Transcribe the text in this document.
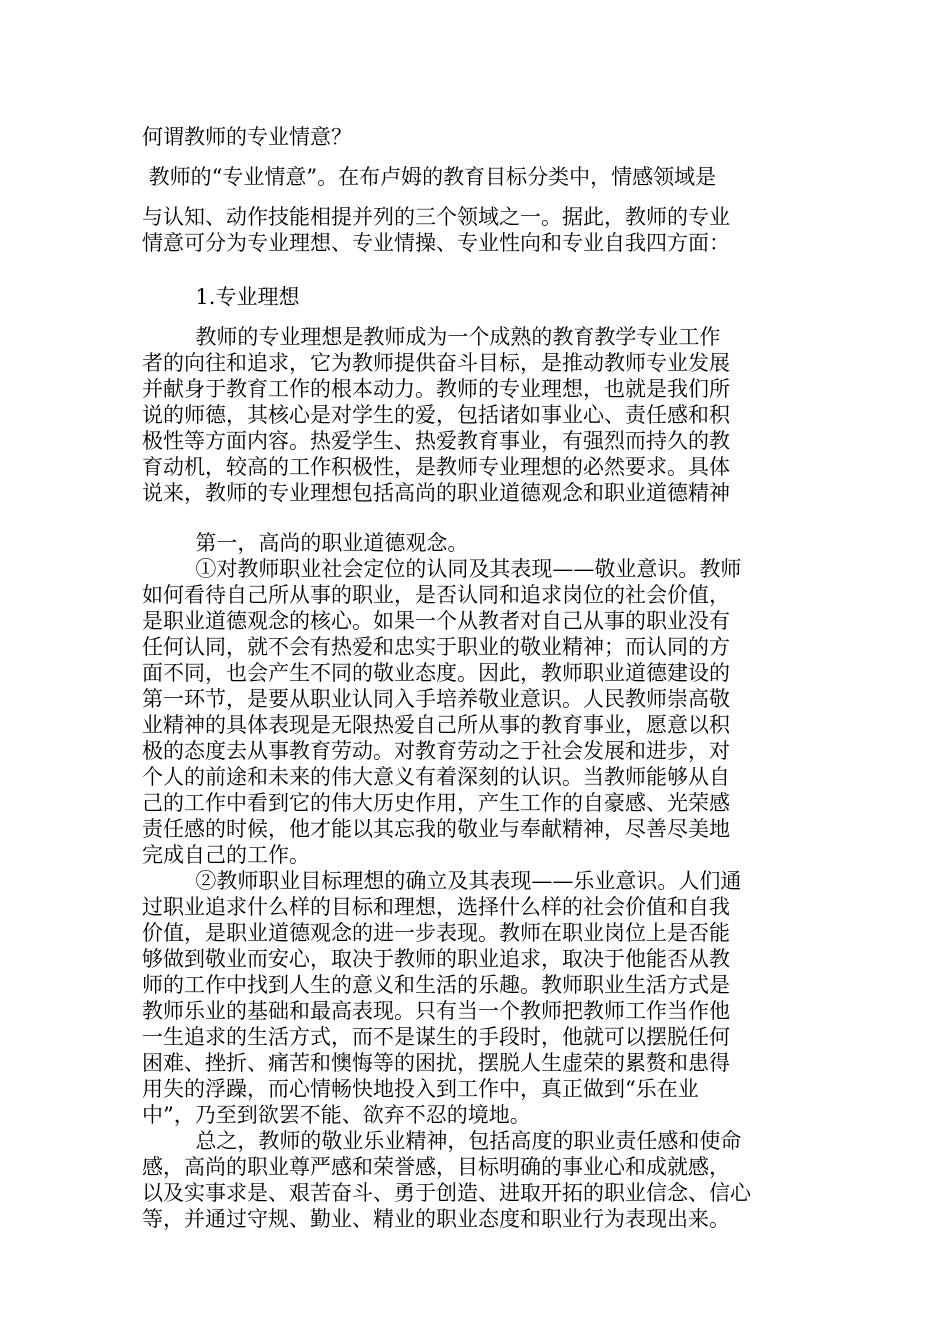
何谓教师的专业情意？
教师的“专业情意”。在布卢姆的教育目标分类中，情感领域是
与认知、动作技能相提并列的三个领域之一。据此，教师的专业
情意可分为专业理想、专业情操、专业性向和专业自我四方面：
1.专业理想
教师的专业理想是教师成为一个成熟的教育教学专业工作
者的向往和追求，它为教师提供奋斗目标，是推动教师专业发展
并献身于教育工作的根本动力。教师的专业理想，也就是我们所
说的师德，其核心是对学生的爱，包括诸如事业心、责任感和积
极性等方面内容。热爱学生、热爱教育事业，有强烈而持久的教
育动机，较高的工作积极性，是教师专业理想的必然要求。具体
说来，教师的专业理想包括高尚的职业道德观念和职业道德精神
第一，高尚的职业道德观念。
①对教师职业社会定位的认同及其表现——敬业意识。教师
如何看待自己所从事的职业，是否认同和追求岗位的社会价值，
是职业道德观念的核心。如果一个从教者对自己从事的职业没有
任何认同，就不会有热爱和忠实于职业的敬业精神；而认同的方
面不同，也会产生不同的敬业态度。因此，教师职业道德建设的
第一环节，是要从职业认同入手培养敬业意识。人民教师崇高敬
业精神的具体表现是无限热爱自己所从事的教育事业，愿意以积
极的态度去从事教育劳动。对教育劳动之于社会发展和进步，对
个人的前途和未来的伟大意义有着深刻的认识。当教师能够从自
己的工作中看到它的伟大历史作用，产生工作的自豪感、光荣感
责任感的时候，他才能以其忘我的敬业与奉献精神，尽善尽美地
完成自己的工作。
②教师职业目标理想的确立及其表现——乐业意识。人们通
过职业追求什么样的目标和理想，选择什么样的社会价值和自我
价值，是职业道德观念的进一步表现。教师在职业岗位上是否能
够做到敬业而安心，取决于教师的职业追求，取决于他能否从教
师的工作中找到人生的意义和生活的乐趣。教师职业生活方式是
教师乐业的基础和最高表现。只有当一个教师把教师工作当作他
一生追求的生活方式，而不是谋生的手段时，他就可以摆脱任何
困难、挫折、痛苦和懊悔等的困扰，摆脱人生虚荣的累赘和患得
用失的浮躁，而心情畅快地投入到工作中，真正做到“乐在业
中”，乃至到欲罢不能、欲弃不忍的境地。
总之，教师的敬业乐业精神，包括高度的职业责任感和使命
感，高尚的职业尊严感和荣誉感，目标明确的事业心和成就感，
以及实事求是、艰苦奋斗、勇于创造、进取开拓的职业信念、信心
等，并通过守规、勤业、精业的职业态度和职业行为表现出来。
